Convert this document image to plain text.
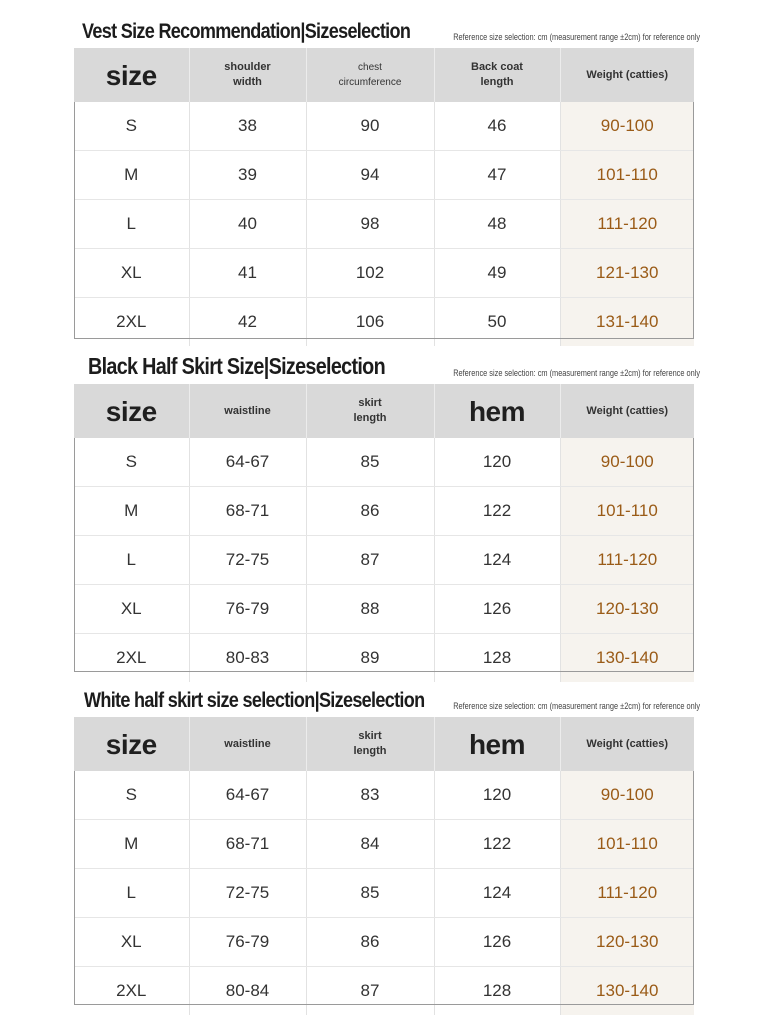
Vest Size Recommendation|Sizeselection	Reference size selection: cm (measurement range ±2cm) for reference only
size	shoulder width	chest circumference	Back coat length	Weight (catties)
S	38	90	46	90-100
M	39	94	47	101-110
L	40	98	48	111-120
XL	41	102	49	121-130
2XL	42	106	50	131-140
Black Half Skirt Size|Sizeselection	Reference size selection: cm (measurement range ±2cm) for reference only
size	waistline	skirt length	hem	Weight (catties)
S	64-67	85	120	90-100
M	68-71	86	122	101-110
L	72-75	87	124	111-120
XL	76-79	88	126	120-130
2XL	80-83	89	128	130-140
White half skirt size selection|Sizeselection	Reference size selection: cm (measurement range ±2cm) for reference only
size	waistline	skirt length	hem	Weight (catties)
S	64-67	83	120	90-100
M	68-71	84	122	101-110
L	72-75	85	124	111-120
XL	76-79	86	126	120-130
2XL	80-84	87	128	130-140
